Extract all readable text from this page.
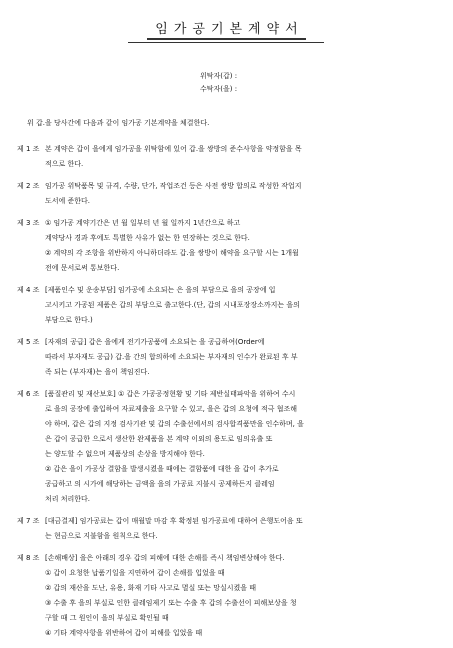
임가공기본계약서
위탁자(갑) :
수탁자(을) :
위 갑.을 당사간에 다음과 같이 임가공 기본계약을 체결한다.
제 1 조 본 계약은 갑이 을에게 임가공을 위탁함에 있어 갑.을 쌍방의 준수사항을 약정함을 목
적으로 한다.
제 2 조 임가공 위탁품목 및 규격, 수량, 단가, 작업조건 등은 사전 쌍방 합의로 작성한 작업지
도서에 준한다.
제 3 조 ① 임가공 계약기간은 년 월 일부터 년 월 일까지 1년간으로 하고
계약당사 경과 후에도 특별한 사유가 없는 한 연장하는 것으로 한다.
② 계약의 각 조항을 위반하지 아니하더라도 갑.을 쌍방이 해약을 요구할 시는 1개월
전에 문서로써 통보한다.
제 4 조 [제품인수 및 운송부담] 임가공에 소요되는 은 을의 부담으로 을의 공장에 입
고시키고 가공된 제품은 갑의 부담으로 출고한다.(단, 갑의 시내포장장소까지는 을의
부담으로 한다.)
제 5 조 [자재의 공급] 갑은 을에게 전기가공품에 소요되는 을 공급하여(Order에
따라서 부자재도 공급) 갑.을 간의 합의하에 소요되는 부자재의 인수가 완료된 후 부
족 되는 (부자재)는 을이 책임진다.
제 6 조 [품질관리 및 재산보호] ① 갑은 가공공정현황 및 기타 제반실태파악을 위하여 수시
로 을의 공장에 출입하여 자료제출을 요구할 수 있고, 을은 갑의 요청에 적극 협조해
야 하며, 갑은 갑의 지정 검사기관 및 갑의 수출선에서의 검사합격품만을 인수하며, 을
은 갑이 공급한 으로서 생산한 완제품을 본 계약 이외의 용도로 임의유출 또
는 양도할 수 없으며 제품상의 손상을 방지해야 한다.
② 갑은 을이 가공상 결함을 발생시켰을 때에는 결함품에 대한 을 갑이 추가로
공급하고 의 시가에 해당하는 금액을 을의 가공료 지불시 공제하든지 클레임
처리 처리한다.
제 7 조 [대금결제] 임가공료는 갑이 매월말 마감 후 확정된 임가공료에 대하여 은행도어음 또
는 현금으로 지불함을 원칙으로 한다.
제 8 조 [손해배상] 을은 아래의 경우 갑의 피해에 대한 손해를 즉시 책임변상해야 한다.
① 갑이 요청한 납품기일을 지연하여 갑이 손해를 입었을 때
② 갑의 재산을 도난, 유용, 화재 기타 사고로 멸실 또는 망실시켰을 때
③ 수출 후 을의 부실로 인한 클레임제기 또는 수출 후 갑의 수출선이 피해보상을 청
구할 때 그 원인이 을의 부실로 확인될 때
④ 기타 계약사항을 위반하여 갑이 피해를 입었을 때
